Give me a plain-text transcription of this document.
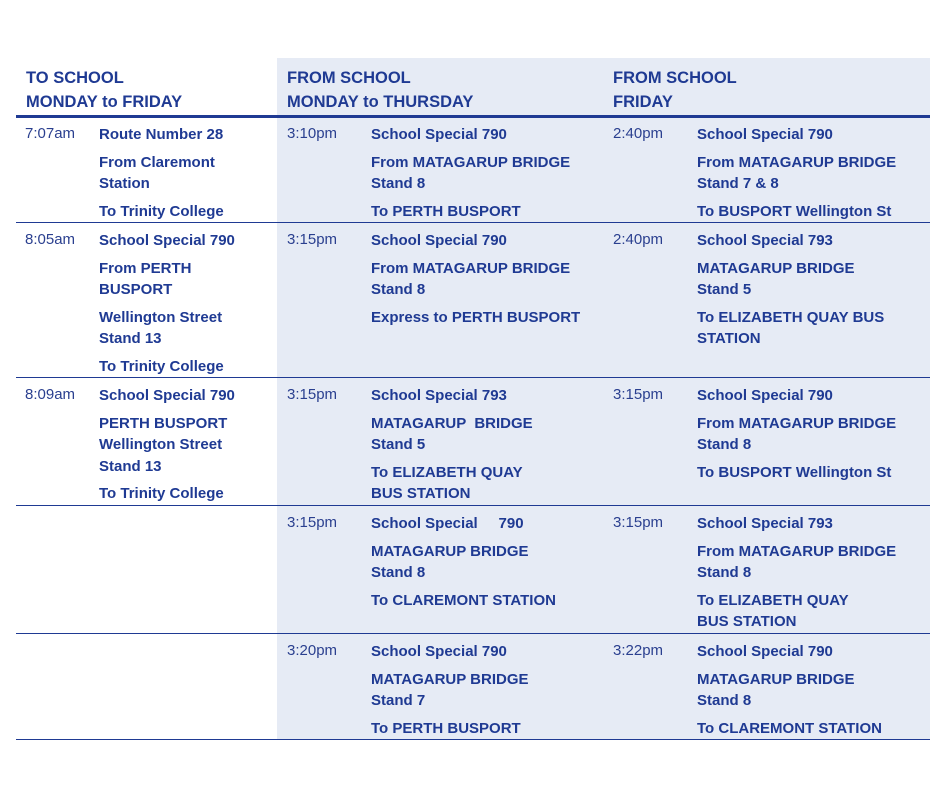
TO SCHOOL
MONDAY to FRIDAY
FROM SCHOOL
MONDAY to THURSDAY
FROM SCHOOL
FRIDAY
7:07am Route Number 28
From Claremont
Station
To Trinity College
3:10pm School Special 790
From MATAGARUP BRIDGE
Stand 8
To PERTH BUSPORT
2:40pm School Special 790
From MATAGARUP BRIDGE
Stand 7 & 8
To BUSPORT Wellington St
8:05am School Special 790
From PERTH
BUSPORT
Wellington Street
Stand 13
To Trinity College
3:15pm School Special 790
From MATAGARUP BRIDGE
Stand 8
Express to PERTH BUSPORT
2:40pm School Special 793
MATAGARUP BRIDGE
Stand 5
To ELIZABETH QUAY BUS
STATION
8:09am School Special 790
PERTH BUSPORT
Wellington Street
Stand 13
To Trinity College
3:15pm School Special 793
MATAGARUP  BRIDGE
Stand 5
To ELIZABETH QUAY
BUS STATION
3:15pm School Special 790
From MATAGARUP BRIDGE
Stand 8
To BUSPORT Wellington St
3:15pm School Special     790
MATAGARUP BRIDGE
Stand 8
To CLAREMONT STATION
3:15pm School Special 793
From MATAGARUP BRIDGE
Stand 8
To ELIZABETH QUAY
BUS STATION
3:20pm School Special 790
MATAGARUP BRIDGE
Stand 7
To PERTH BUSPORT
3:22pm School Special 790
MATAGARUP BRIDGE
Stand 8
To CLAREMONT STATION
